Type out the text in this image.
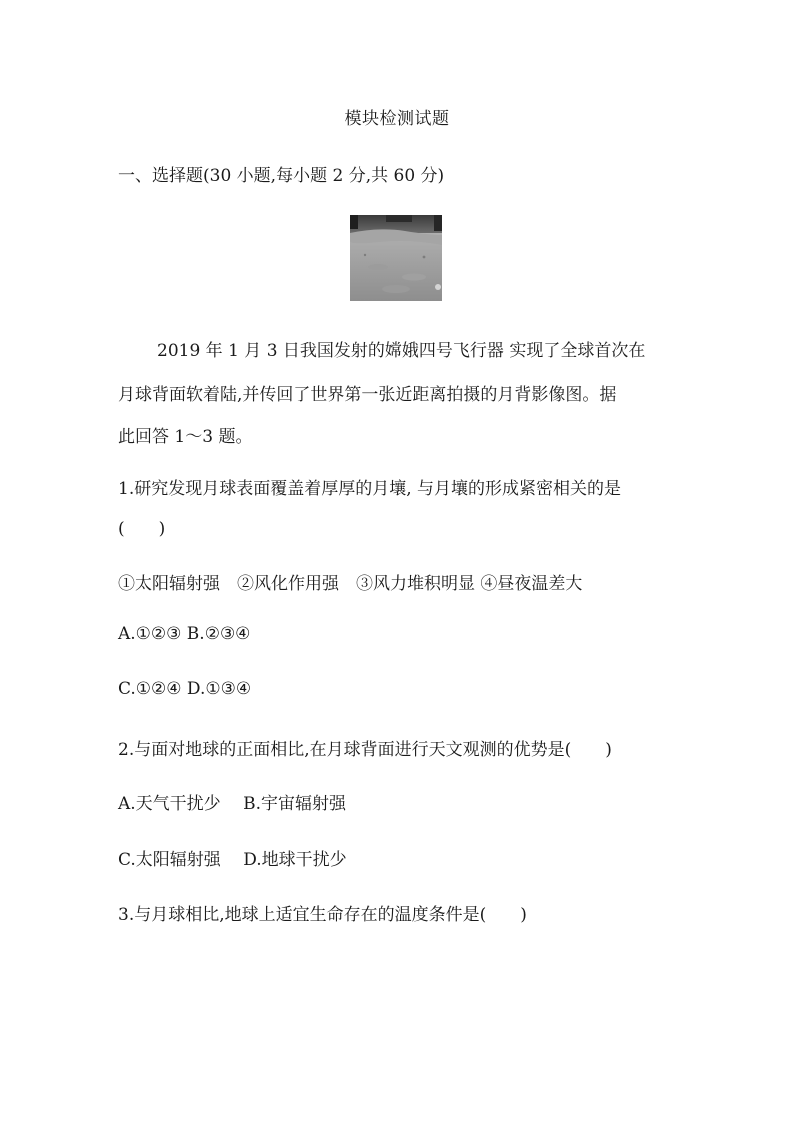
模块检测试题
一、选择题(30 小题,每小题 2 分,共 60 分)
2019 年 1 月 3 日我国发射的嫦娥四号飞行器 实现了全球首次在
月球背面软着陆,并传回了世界第一张近距离拍摄的月背影像图。据
此回答 1～3 题。
1.研究发现月球表面覆盖着厚厚的月壤, 与月壤的形成紧密相关的是
(　　)
①太阳辐射强　②风化作用强　③风力堆积明显 ④昼夜温差大
A.①②③ B.②③④
C.①②④ D.①③④
2.与面对地球的正面相比,在月球背面进行天文观测的优势是(　　)
A.天气干扰少　 B.宇宙辐射强
C.太阳辐射强　 D.地球干扰少
3.与月球相比,地球上适宜生命存在的温度条件是(　　)
